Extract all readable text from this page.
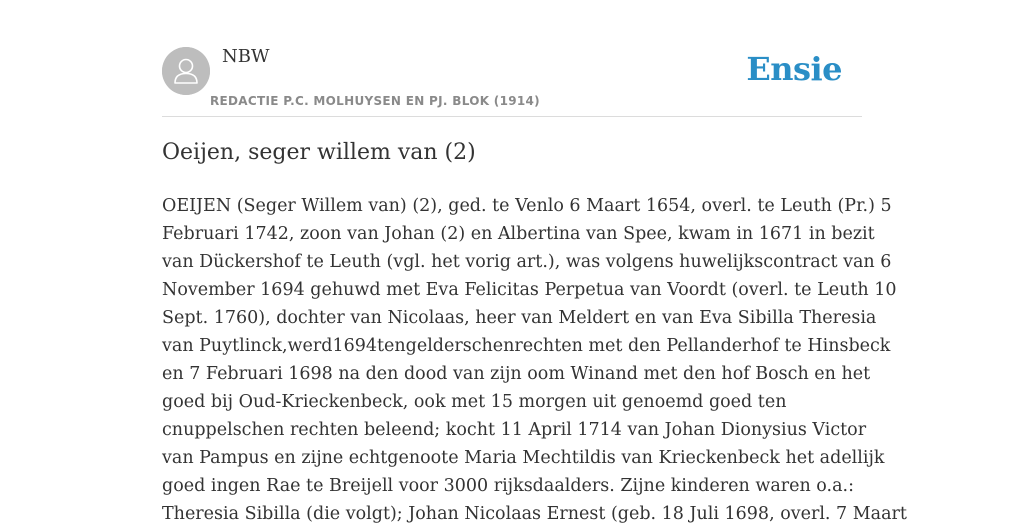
NBW
REDACTIE P.C. MOLHUYSEN EN PJ. BLOK (1914)
Ensie
Oeijen, seger willem van (2)

OEIJEN (Seger Willem van) (2), ged. te Venlo 6 Maart 1654, overl. te Leuth (Pr.) 5
Februari 1742, zoon van Johan (2) en Albertina van Spee, kwam in 1671 in bezit
van Dückershof te Leuth (vgl. het vorig art.), was volgens huwelijkscontract van 6
November 1694 gehuwd met Eva Felicitas Perpetua van Voordt (overl. te Leuth 10
Sept. 1760), dochter van Nicolaas, heer van Meldert en van Eva Sibilla Theresia
van Puytlinck,werd1694tengelderschenrechten met den Pellanderhof te Hinsbeck
en 7 Februari 1698 na den dood van zijn oom Winand met den hof Bosch en het
goed bij Oud-Krieckenbeck, ook met 15 morgen uit genoemd goed ten
cnuppelschen rechten beleend; kocht 11 April 1714 van Johan Dionysius Victor
van Pampus en zijne echtgenoote Maria Mechtildis van Krieckenbeck het adellijk
goed ingen Rae te Breijell voor 3000 rijksdaalders. Zijne kinderen waren o.a.:
Theresia Sibilla (die volgt); Johan Nicolaas Ernest (geb. 18 Juli 1698, overl. 7 Maart
